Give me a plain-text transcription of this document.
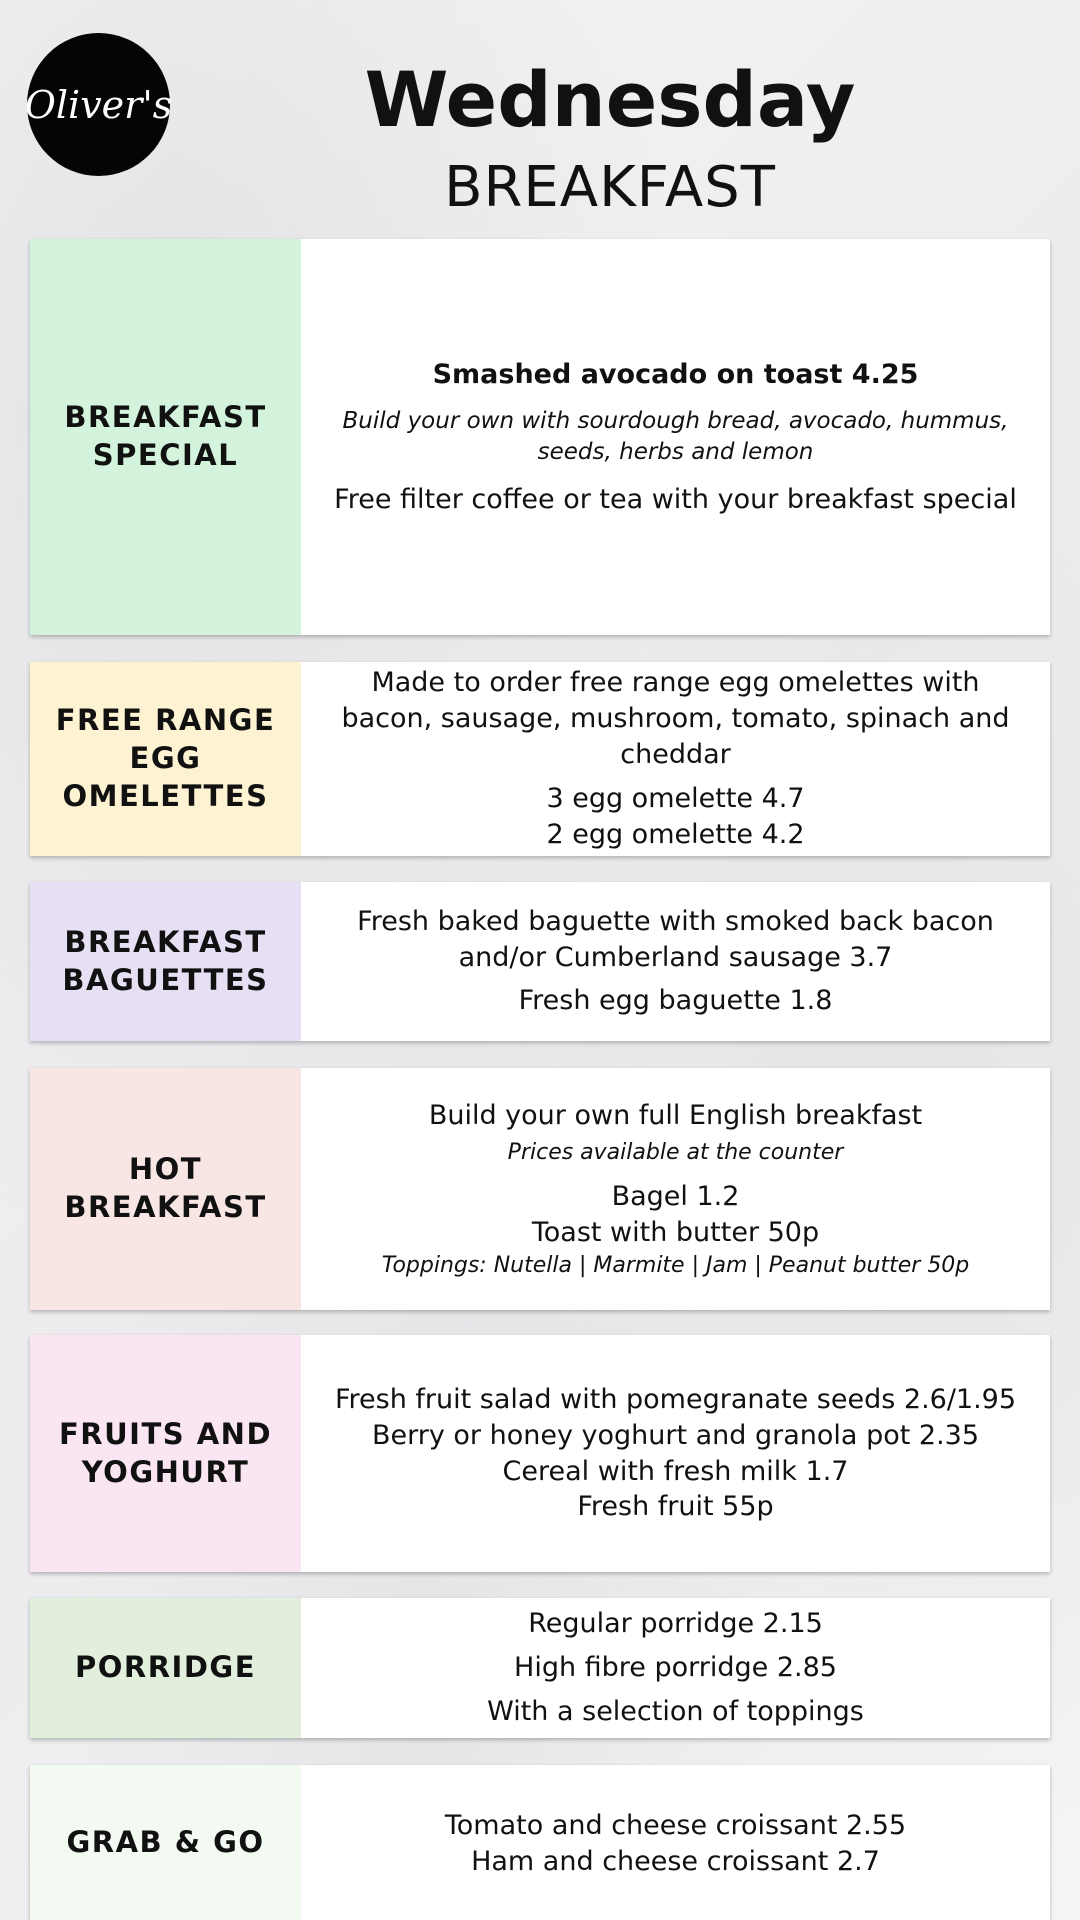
Oliver's	Wednesday
BREAKFAST
BREAKFAST
SPECIAL
Smashed avocado on toast 4.25
Build your own with sourdough bread, avocado, hummus, seeds, herbs and lemon
Free filter coffee or tea with your breakfast special
FREE RANGE
EGG
OMELETTES
Made to order free range egg omelettes with bacon, sausage, mushroom, tomato, spinach and cheddar
3 egg omelette 4.7
2 egg omelette 4.2
BREAKFAST
BAGUETTES
Fresh baked baguette with smoked back bacon and/or Cumberland sausage 3.7
Fresh egg baguette 1.8
HOT
BREAKFAST
Build your own full English breakfast
Prices available at the counter
Bagel 1.2
Toast with butter 50p
Toppings: Nutella | Marmite | Jam | Peanut butter 50p
FRUITS AND
YOGHURT
Fresh fruit salad with pomegranate seeds 2.6/1.95
Berry or honey yoghurt and granola pot 2.35
Cereal with fresh milk 1.7
Fresh fruit 55p
PORRIDGE
Regular porridge 2.15
High fibre porridge 2.85
With a selection of toppings
GRAB & GO	Tomato and cheese croissant 2.55
Ham and cheese croissant 2.7
